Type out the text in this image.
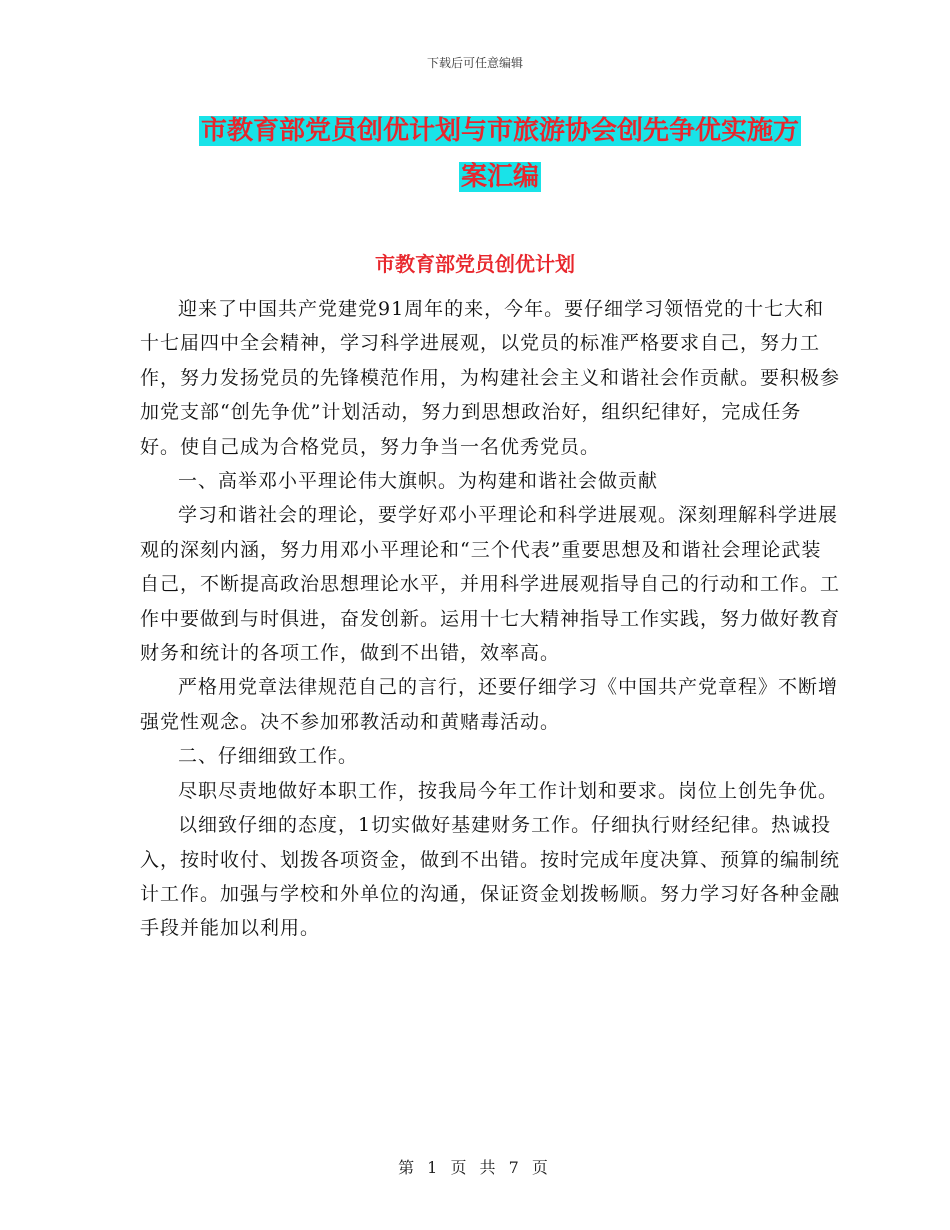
下载后可任意编辑
市教育部党员创优计划与市旅游协会创先争优实施方
案汇编
市教育部党员创优计划

迎来了中国共产党建党91周年的来，今年。要仔细学习领悟党的十七大和十七届四中全会精神，学习科学进展观，以党员的标准严格要求自己，努力工作，努力发扬党员的先锋模范作用，为构建社会主义和谐社会作贡献。要积极参加党支部“创先争优”计划活动，努力到思想政治好，组织纪律好，完成任务好。使自己成为合格党员，努力争当一名优秀党员。

一、高举邓小平理论伟大旗帜。为构建和谐社会做贡献

学习和谐社会的理论，要学好邓小平理论和科学进展观。深刻理解科学进展观的深刻内涵，努力用邓小平理论和“三个代表”重要思想及和谐社会理论武装自己，不断提高政治思想理论水平，并用科学进展观指导自己的行动和工作。工作中要做到与时俱进，奋发创新。运用十七大精神指导工作实践，努力做好教育财务和统计的各项工作，做到不出错，效率高。

严格用党章法律规范自己的言行，还要仔细学习《中国共产党章程》不断增强党性观念。决不参加邪教活动和黄赌毒活动。

二、仔细细致工作。

尽职尽责地做好本职工作，按我局今年工作计划和要求。岗位上创先争优。

以细致仔细的态度，1切实做好基建财务工作。仔细执行财经纪律。热诚投入，按时收付、划拨各项资金，做到不出错。按时完成年度决算、预算的编制统计工作。加强与学校和外单位的沟通，保证资金划拨畅顺。努力学习好各种金融手段并能加以利用。

第 1 页 共 7 页
